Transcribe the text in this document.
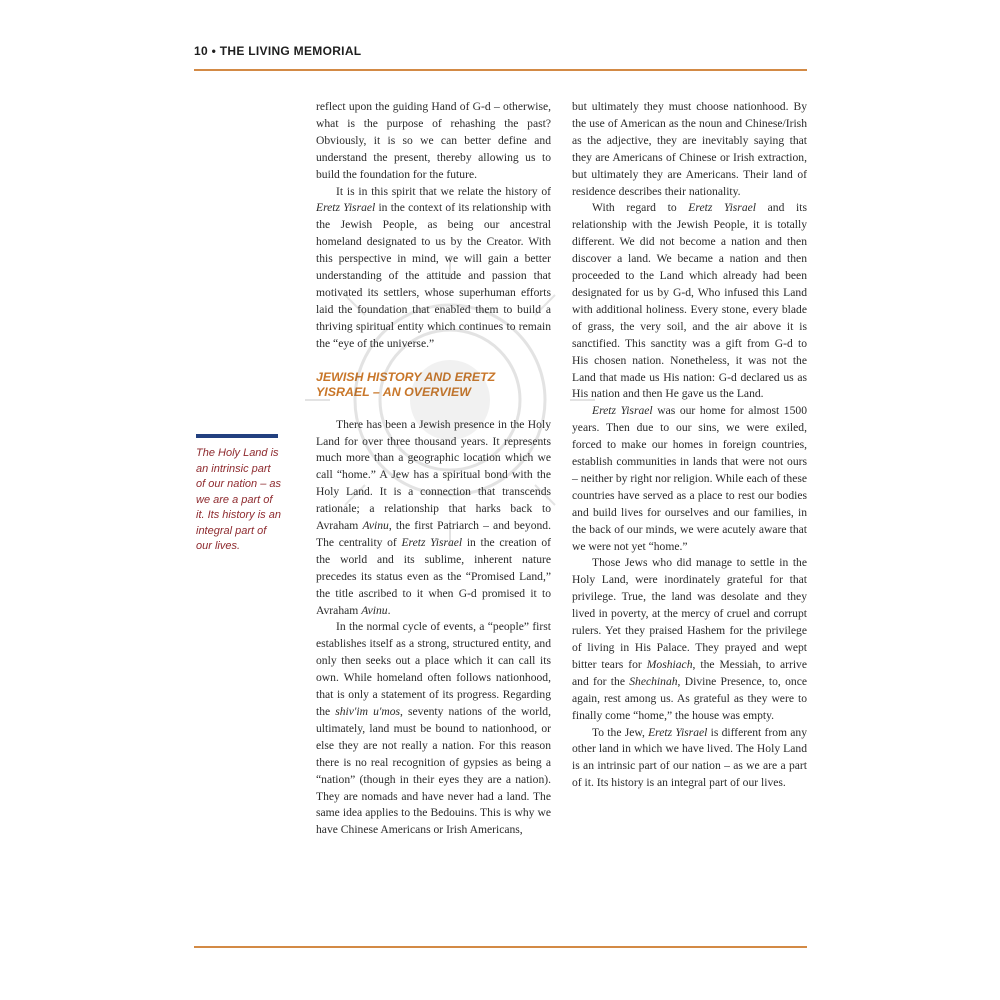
10 • THE LIVING MEMORIAL

The Holy Land is an intrinsic part of our nation – as we are a part of it. Its history is an integral part of our lives.

reflect upon the guiding Hand of G-d – otherwise, what is the purpose of rehashing the past? Obviously, it is so we can better define and understand the present, thereby allowing us to build the foundation for the future.

It is in this spirit that we relate the history of Eretz Yisrael in the context of its relationship with the Jewish People, as being our ancestral homeland designated to us by the Creator. With this perspective in mind, we will gain a better understanding of the attitude and passion that motivated its settlers, whose superhuman efforts laid the foundation that enabled them to build a thriving spiritual entity which continues to remain the “eye of the universe.”

JEWISH HISTORY AND ERETZ YISRAEL – AN OVERVIEW

There has been a Jewish presence in the Holy Land for over three thousand years. It represents much more than a geographic location which we call “home.” A Jew has a spiritual bond with the Holy Land. It is a connection that transcends rationale; a relationship that harks back to Avraham Avinu, the first Patriarch – and beyond. The centrality of Eretz Yisrael in the creation of the world and its sublime, inherent nature precedes its status even as the “Promised Land,” the title ascribed to it when G-d promised it to Avraham Avinu.

In the normal cycle of events, a “people” first establishes itself as a strong, structured entity, and only then seeks out a place which it can call its own. While homeland often follows nationhood, that is only a statement of its progress. Regarding the shiv'im u'mos, seventy nations of the world, ultimately, land must be bound to nationhood, or else they are not really a nation. For this reason there is no real recognition of gypsies as being a “nation” (though in their eyes they are a nation). They are nomads and have never had a land. The same idea applies to the Bedouins. This is why we have Chinese Americans or Irish Americans,

but ultimately they must choose nationhood. By the use of American as the noun and Chinese/Irish as the adjective, they are inevitably saying that they are Americans of Chinese or Irish extraction, but ultimately they are Americans. Their land of residence describes their nationality.

With regard to Eretz Yisrael and its relationship with the Jewish People, it is totally different. We did not become a nation and then discover a land. We became a nation and then proceeded to the Land which already had been designated for us by G-d, Who infused this Land with additional holiness. Every stone, every blade of grass, the very soil, and the air above it is sanctified. This sanctity was a gift from G-d to His chosen nation. Nonetheless, it was not the Land that made us His nation: G-d declared us as His nation and then He gave us the Land.

Eretz Yisrael was our home for almost 1500 years. Then due to our sins, we were exiled, forced to make our homes in foreign countries, establish communities in lands that were not ours – neither by right nor religion. While each of these countries have served as a place to rest our bodies and build lives for ourselves and our families, in the back of our minds, we were acutely aware that we were not yet “home.”

Those Jews who did manage to settle in the Holy Land, were inordinately grateful for that privilege. True, the land was desolate and they lived in poverty, at the mercy of cruel and corrupt rulers. Yet they praised Hashem for the privilege of living in His Palace. They prayed and wept bitter tears for Moshiach, the Messiah, to arrive and for the Shechinah, Divine Presence, to, once again, rest among us. As grateful as they were to finally come “home,” the house was empty.

To the Jew, Eretz Yisrael is different from any other land in which we have lived. The Holy Land is an intrinsic part of our nation – as we are a part of it. Its history is an integral part of our lives.
